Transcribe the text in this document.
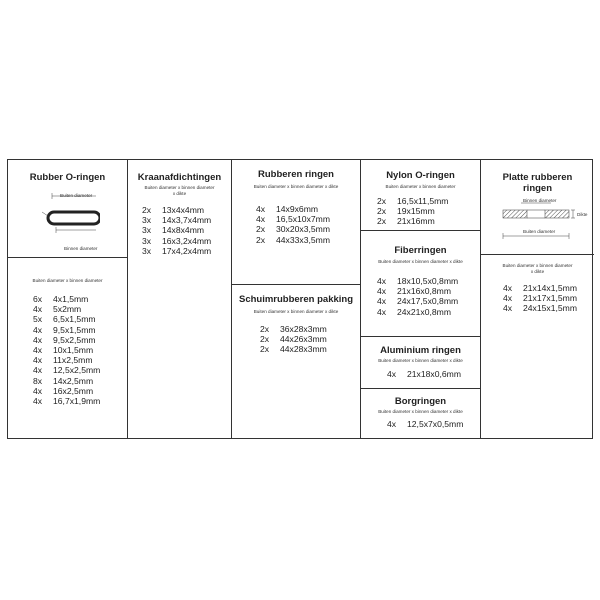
Rubber O-ringen
Buiten diameter
Binnen diameter
Buiten diameter x binnen diameter
6x 4x1,5mm
4x 5x2mm
5x 6,5x1,5mm
4x 9,5x1,5mm
4x 9,5x2,5mm
4x 10x1,5mm
4x 11x2,5mm
4x 12,5x2,5mm
8x 14x2,5mm
4x 16x2,5mm
4x 16,7x1,9mm
Kraanafdichtingen
Buiten diameter x binnen diameter
x dikte
2x 13x4x4mm
3x 14x3,7x4mm
3x 14x8x4mm
3x 16x3,2x4mm
3x 17x4,2x4mm
Rubberen ringen
Buiten diameter x binnen diameter x dikte
4x 14x9x6mm
4x 16,5x10x7mm
2x 30x20x3,5mm
2x 44x33x3,5mm
Schuimrubberen pakking
Buiten diameter x binnen diameter x dikte
2x 36x28x3mm
2x 44x26x3mm
2x 44x28x3mm
Nylon O-ringen
Buiten diameter x binnen diameter
2x 16,5x11,5mm
2x 19x15mm
2x 21x16mm
Fiberringen
Buiten diameter x binnen diameter x dikte
4x 18x10,5x0,8mm
4x 21x16x0,8mm
4x 24x17,5x0,8mm
4x 24x21x0,8mm
Aluminium ringen
Buiten diameter x binnen diameter x dikte
4x 21x18x0,6mm
Borgringen
Buiten diameter x binnen diameter x dikte
4x 12,5x7x0,5mm
Platte rubberen
ringen
Binnen diameter
Dikte
Buiten diameter
Buiten diameter x binnen diameter
x dikte
4x 21x14x1,5mm
4x 21x17x1,5mm
4x 24x15x1,5mm
